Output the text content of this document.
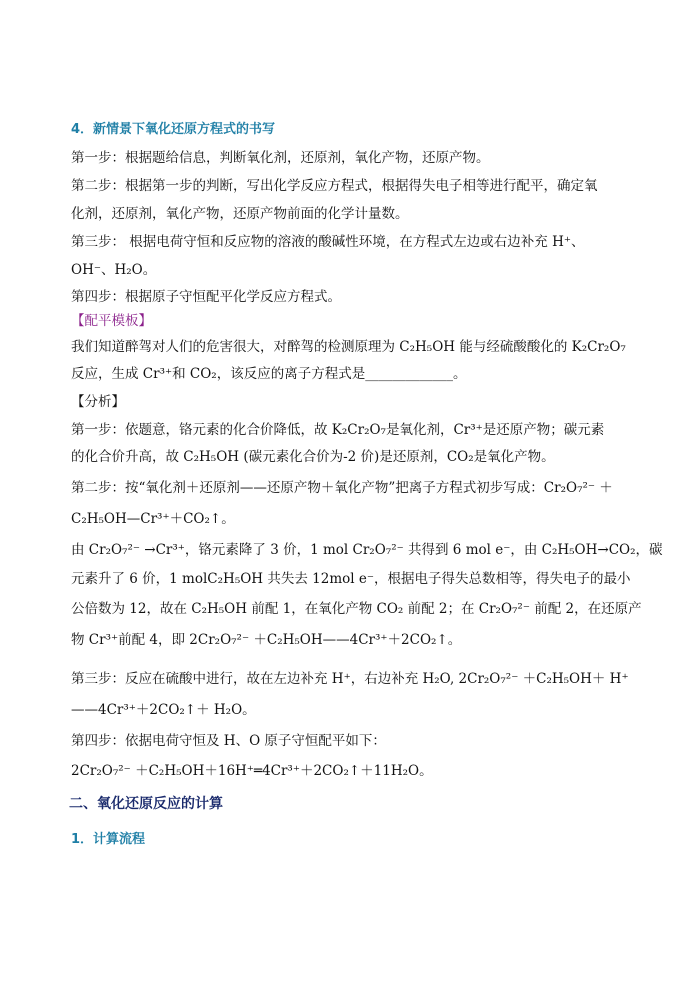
4．新情景下氧化还原方程式的书写
第一步：根据题给信息，判断氧化剂，还原剂，氧化产物，还原产物。
第二步：根据第一步的判断，写出化学反应方程式，根据得失电子相等进行配平，确定氧
化剂，还原剂，氧化产物，还原产物前面的化学计量数。
第三步： 根据电荷守恒和反应物的溶液的酸碱性环境，在方程式左边或右边补充 H⁺、
OH⁻、H₂O。
第四步：根据原子守恒配平化学反应方程式。
【配平模板】
我们知道醉驾对人们的危害很大，对醉驾的检测原理为 C₂H₅OH 能与经硫酸酸化的 K₂Cr₂O₇
反应，生成 Cr³⁺和 CO₂，该反应的离子方程式是_____________。
【分析】
第一步：依题意，铬元素的化合价降低，故 K₂Cr₂O₇是氧化剂，Cr³⁺是还原产物；碳元素
的化合价升高，故 C₂H₅OH (碳元素化合价为-2 价)是还原剂，CO₂是氧化产物。
第二步：按“氧化剂＋还原剂——还原产物＋氧化产物”把离子方程式初步写成：Cr₂O₇²⁻ ＋
C₂H₅OH—Cr³⁺＋CO₂↑。
由 Cr₂O₇²⁻ →Cr³⁺，铬元素降了 3 价，1 mol Cr₂O₇²⁻ 共得到 6 mol e⁻，由 C₂H₅OH→CO₂，碳
元素升了 6 价，1 molC₂H₅OH 共失去 12mol e⁻，根据电子得失总数相等，得失电子的最小
公倍数为 12，故在 C₂H₅OH 前配 1，在氧化产物 CO₂ 前配 2；在 Cr₂O₇²⁻ 前配 2，在还原产
物 Cr³⁺前配 4，即 2Cr₂O₇²⁻ ＋C₂H₅OH——4Cr³⁺＋2CO₂↑。
第三步：反应在硫酸中进行，故在左边补充 H⁺，右边补充 H₂O, 2Cr₂O₇²⁻ ＋C₂H₅OH＋ H⁺
——4Cr³⁺＋2CO₂↑＋ H₂O。
第四步：依据电荷守恒及 H、O 原子守恒配平如下：
2Cr₂O₇²⁻ ＋C₂H₅OH＋16H⁺═4Cr³⁺＋2CO₂↑＋11H₂O。
二、氧化还原反应的计算
1．计算流程
